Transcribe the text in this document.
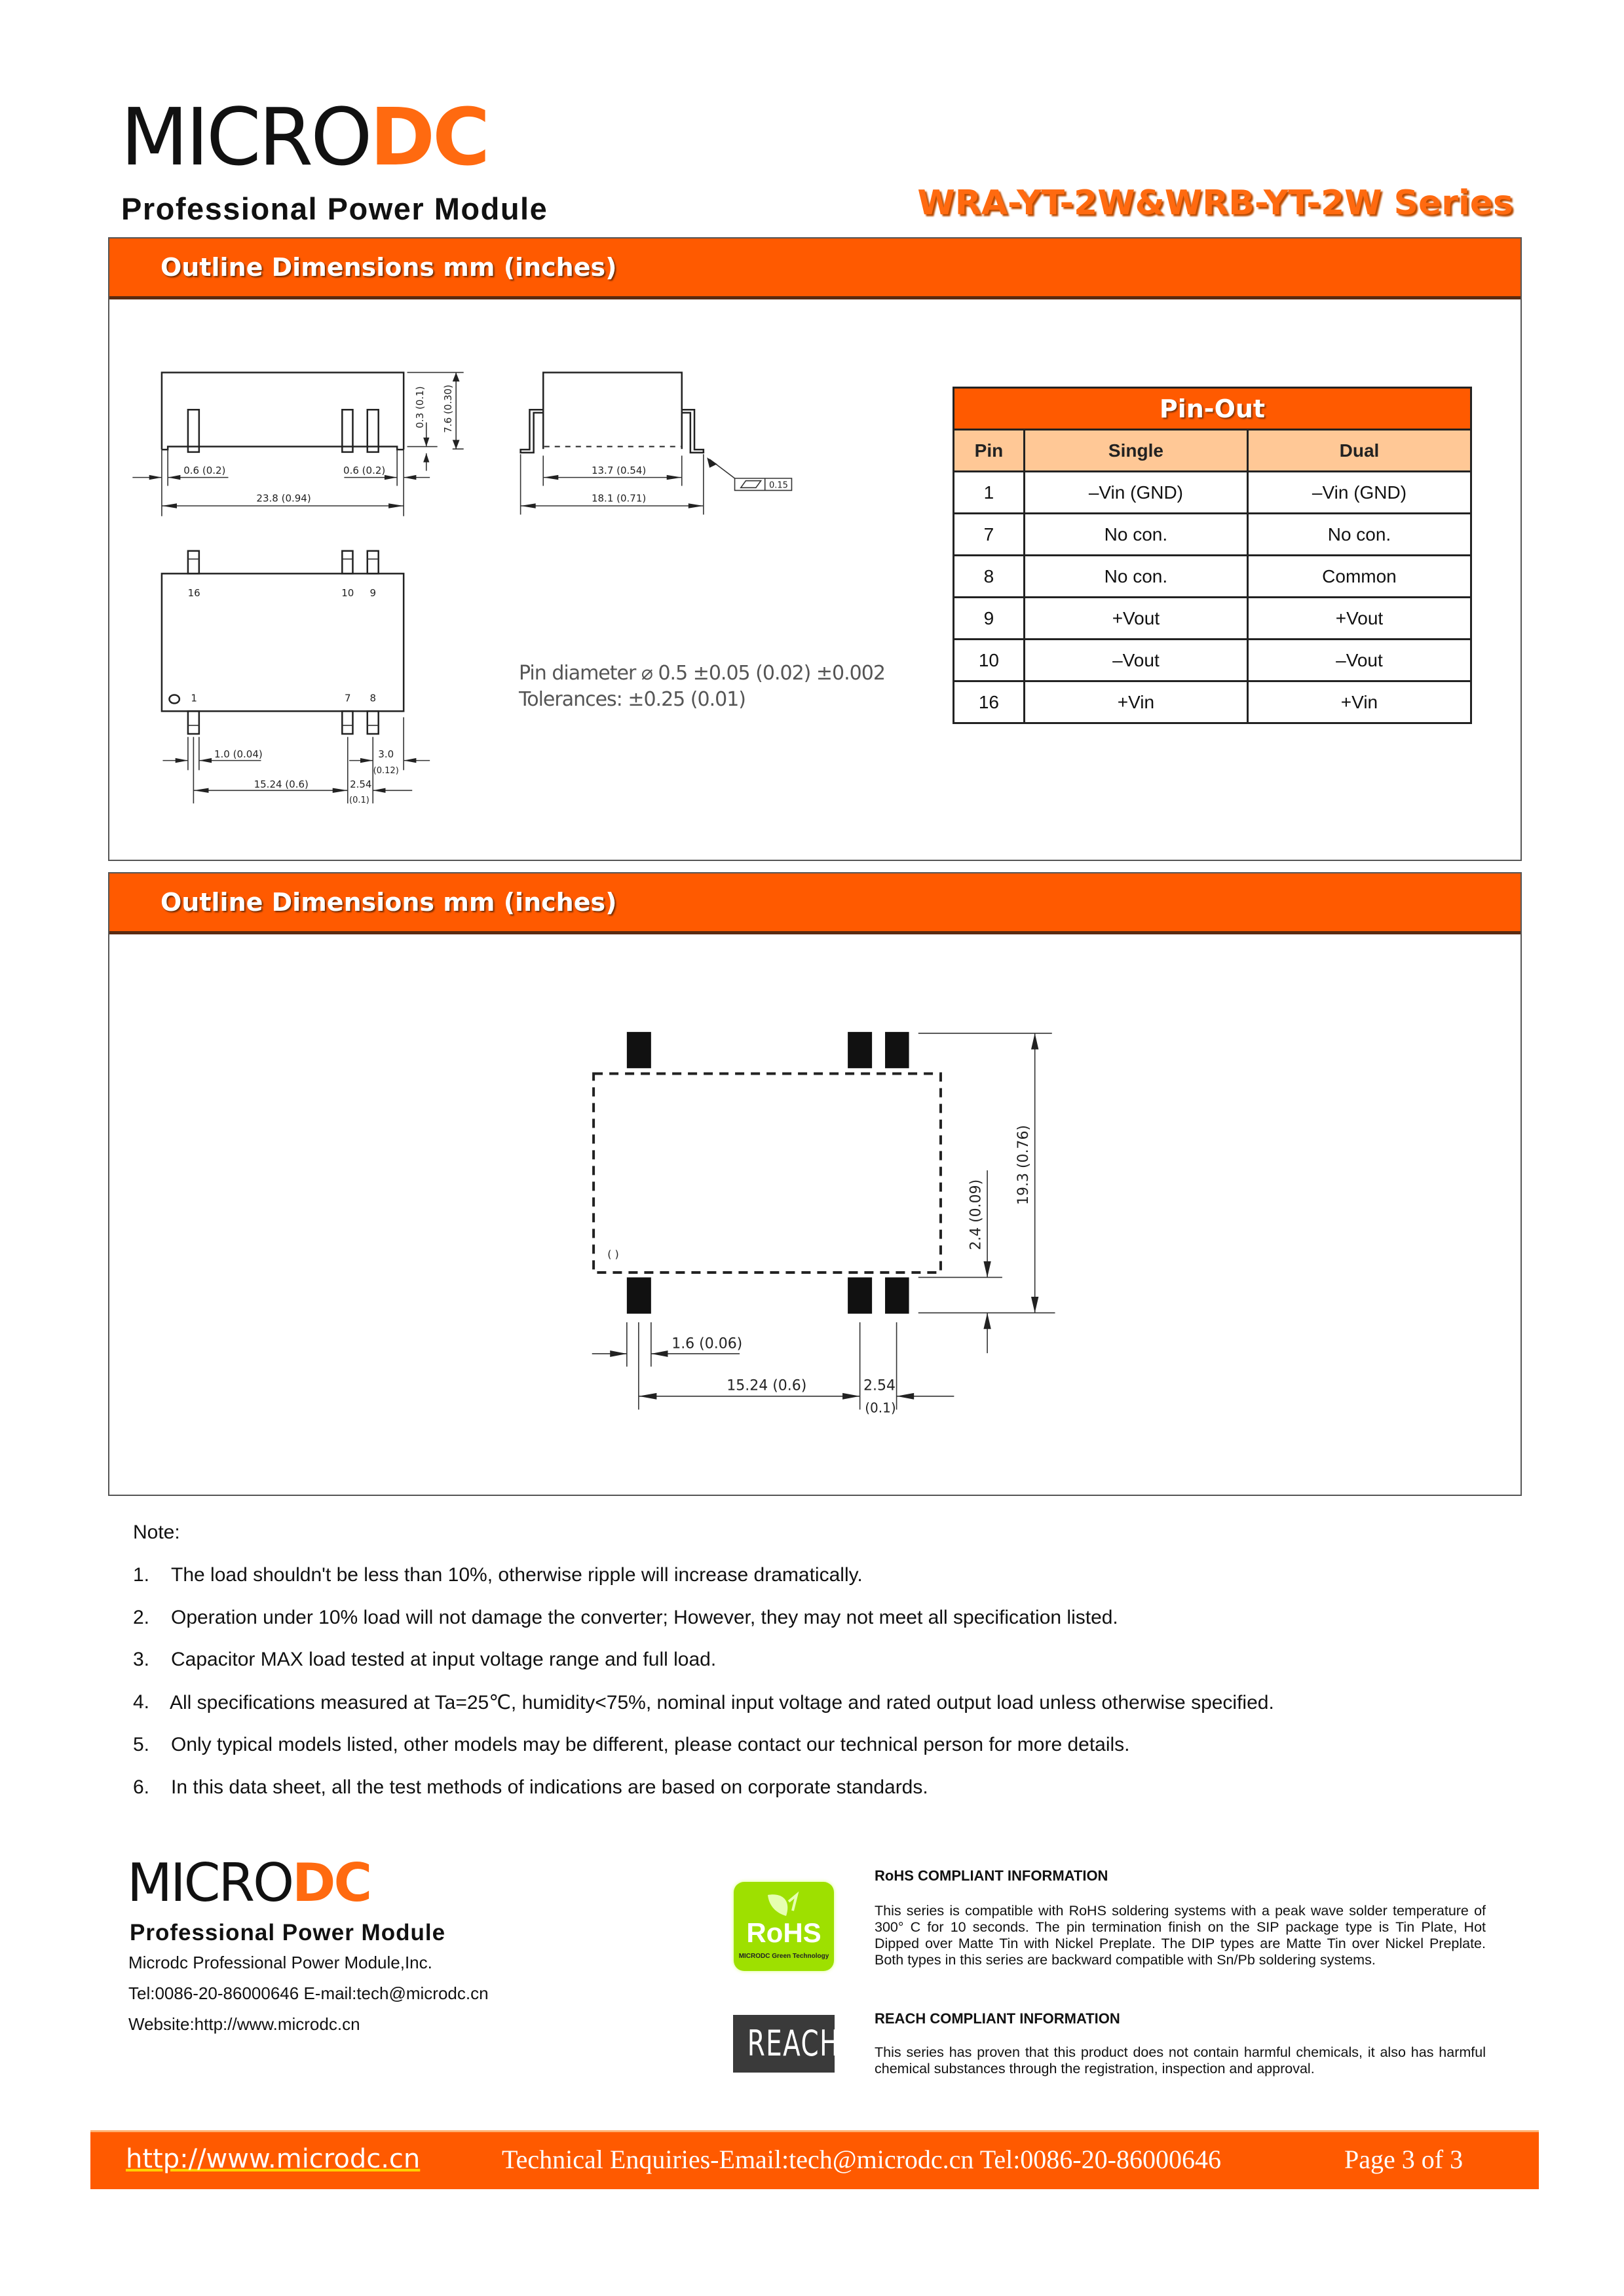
MICRODC
Professional Power Module	WRA-YT-2W&WRB-YT-2W Series
Outline Dimensions mm (inches)
0.3 (0.1) 7.6 (0.30)
0.6 (0.2)	0.6 (0.2)
23.8 (0.94)
0.15
13.7 (0.54)
18.1 (0.71)
16	10 9
1	7 8
1.0 (0.04)	3.0
(0.12)
15.24 (0.6)	2.54
(0.1)
Pin diameter ⌀ 0.5 ±0.05 (0.02) ±0.002
Tolerances: ±0.25 (0.01)
Pin-Out		
Pin	Single	Dual
1	–Vin (GND)	–Vin (GND)
7	No con.	No con.
8	No con.	Common
9	+Vout	+Vout
10	–Vout	–Vout
16	+Vin	+Vin
Outline Dimensions mm (inches)
( )
19.3 (0.76)
2.4 (0.09)
1.6 (0.06)
15.24 (0.6)	2.54
(0.1)
Note:
1. The load shouldn't be less than 10%, otherwise ripple will increase dramatically.
2. Operation under 10% load will not damage the converter; However, they may not meet all specification listed.
3. Capacitor MAX load tested at input voltage range and full load.
4. All specifications measured at Ta=25℃, humidity<75%, nominal input voltage and rated output load unless otherwise specified.
5. Only typical models listed, other models may be different, please contact our technical person for more details.
6. In this data sheet, all the test methods of indications are based on corporate standards.
MICRODC
Professional Power Module
Microdc Professional Power Module,Inc.
Tel:0086-20-86000646 E-mail:tech@microdc.cn
Website:http://www.microdc.cn
RoHS
MICRODC Green Technology
RoHS COMPLIANT INFORMATION
This series is compatible with RoHS soldering systems with a peak wave solder temperature of 300° C for 10 seconds. The pin termination finish on the SIP package type is Tin Plate, Hot Dipped over Matte Tin with Nickel Preplate. The DIP types are Matte Tin over Nickel Preplate. Both types in this series are backward compatible with Sn/Pb soldering systems.
REACH
REACH COMPLIANT INFORMATION
This series has proven that this product does not contain harmful chemicals, it also has harmful chemical substances through the registration, inspection and approval.
http://www.microdc.cn	Technical Enquiries-Email:tech@microdc.cn Tel:0086-20-86000646	Page 3 of 3
